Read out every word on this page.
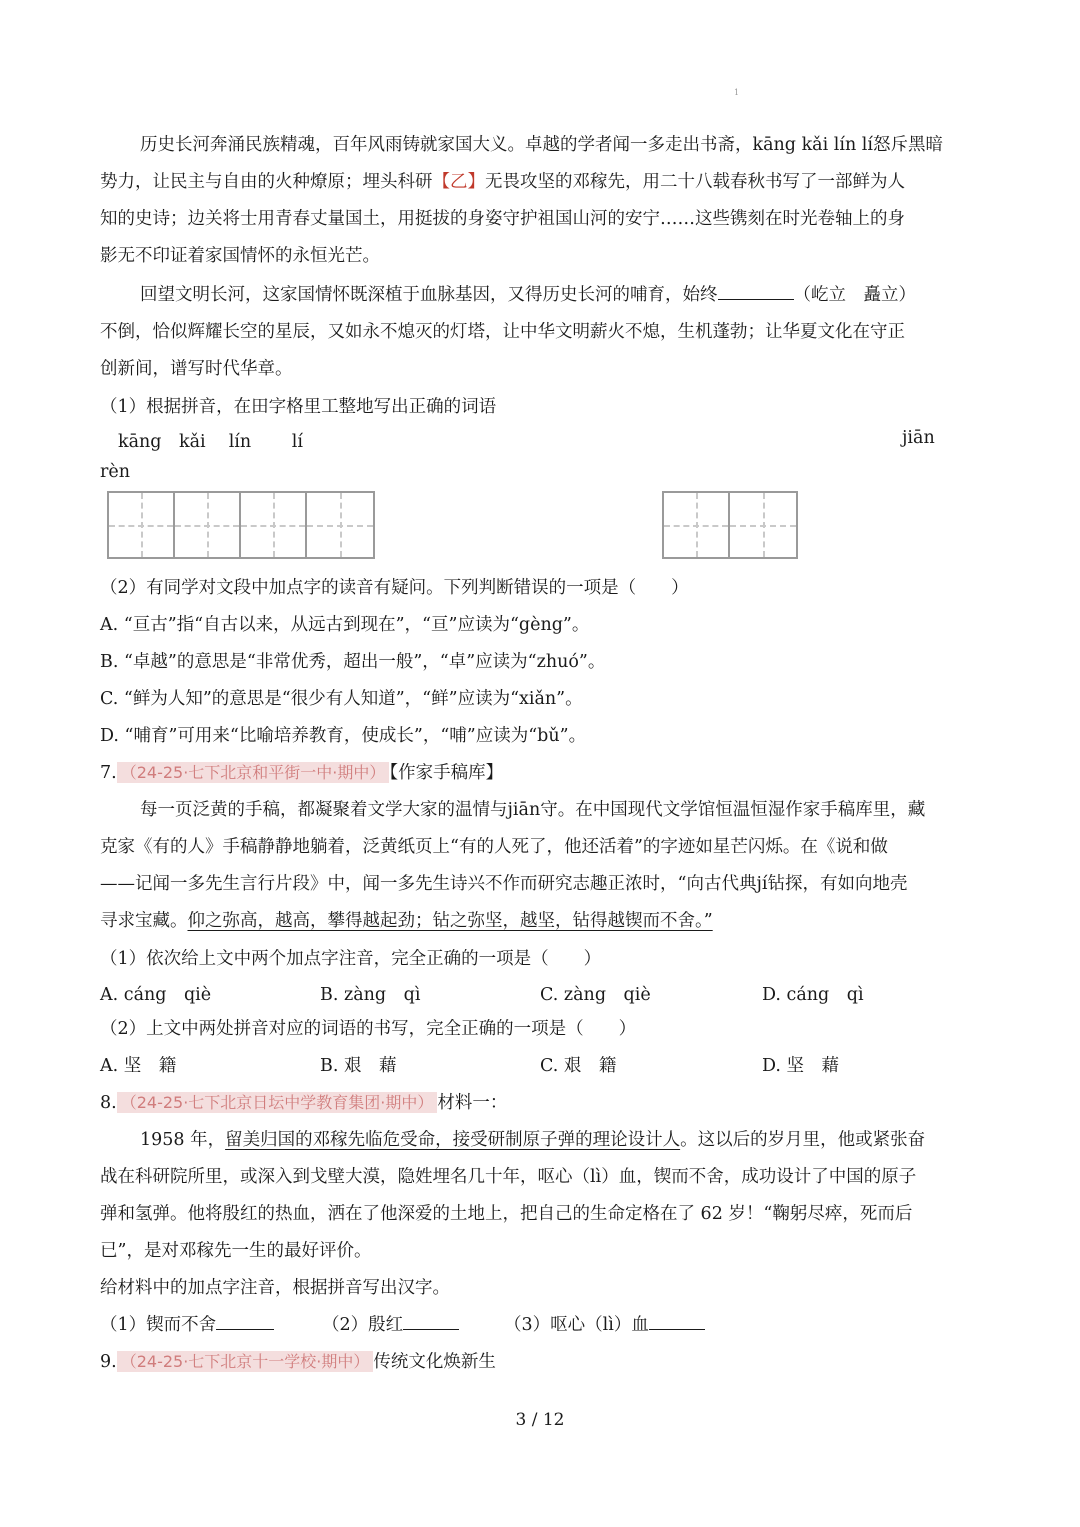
1
历史长河奔涌民族精魂，百年风雨铸就家国大义。卓越的学者闻一多走出书斋，kāng kǎi lín lí怒斥黑暗
势力，让民主与自由的火种燎原；埋头科研【乙】无畏攻坚的邓稼先，用二十八载春秋书写了一部鲜为人
知的史诗；边关将士用青春丈量国土，用挺拔的身姿守护祖国山河的安宁……这些镌刻在时光卷轴上的身
影无不印证着家国情怀的永恒光芒。
回望文明长河，这家国情怀既深植于血脉基因，又得历史长河的哺育，始终	（屹立　矗立）
不倒，恰似辉耀长空的星辰，又如永不熄灭的灯塔，让中华文明薪火不熄，生机蓬勃；让华夏文化在守正
创新间，谱写时代华章。
（1）根据拼音，在田字格里工整地写出正确的词语
kāng　kǎi　 lín　　 lí	jiān
rèn
（2）有同学对文段中加点字的读音有疑问。下列判断错误的一项是（　　）
A. “亘古”指“自古以来，从远古到现在”，“亘”应读为“gèng”。
B. “卓越”的意思是“非常优秀，超出一般”，“卓”应读为“zhuó”。
C. “鲜为人知”的意思是“很少有人知道”，“鲜”应读为“xiǎn”。
D. “哺育”可用来“比喻培养教育，使成长”，“哺”应读为“bǔ”。
7. （24-25·七下北京和平街一中·期中） 【作家手稿库】
每一页泛黄的手稿，都凝聚着文学大家的温情与jiān守。在中国现代文学馆恒温恒湿作家手稿库里，藏
克家《有的人》手稿静静地躺着，泛黄纸页上“有的人死了，他还活着”的字迹如星芒闪烁。在《说和做
——记闻一多先生言行片段》中，闻一多先生诗兴不作而研究志趣正浓时，“向古代典jí钻探，有如向地壳
寻求宝藏。仰之弥高，越高，攀得越起劲；钻之弥坚，越坚，钻得越锲而不舍。”
（1）依次给上文中两个加点字注音，完全正确的一项是（　　）
A. cáng　qiè	B. zàng　qì	C. zàng　qiè	D. cáng　qì
（2）上文中两处拼音对应的词语的书写，完全正确的一项是（　　）
A. 坚　籍	B. 艰　藉	C. 艰　籍	D. 坚　藉
8. （24-25·七下北京日坛中学教育集团·期中） 材料一：
1958 年，留美归国的邓稼先临危受命，接受研制原子弹的理论设计人。这以后的岁月里，他或紧张奋
战在科研院所里，或深入到戈壁大漠，隐姓埋名几十年，呕心（lì）血，锲而不舍，成功设计了中国的原子
弹和氢弹。他将殷红的热血，洒在了他深爱的土地上，把自己的生命定格在了 62 岁！“鞠躬尽瘁，死而后
已”，是对邓稼先一生的最好评价。
给材料中的加点字注音，根据拼音写出汉字。
（1）锲而不舍	（2）殷红	（3）呕心（lì）血
9. （24-25·七下北京十一学校·期中） 传统文化焕新生
3 / 12
